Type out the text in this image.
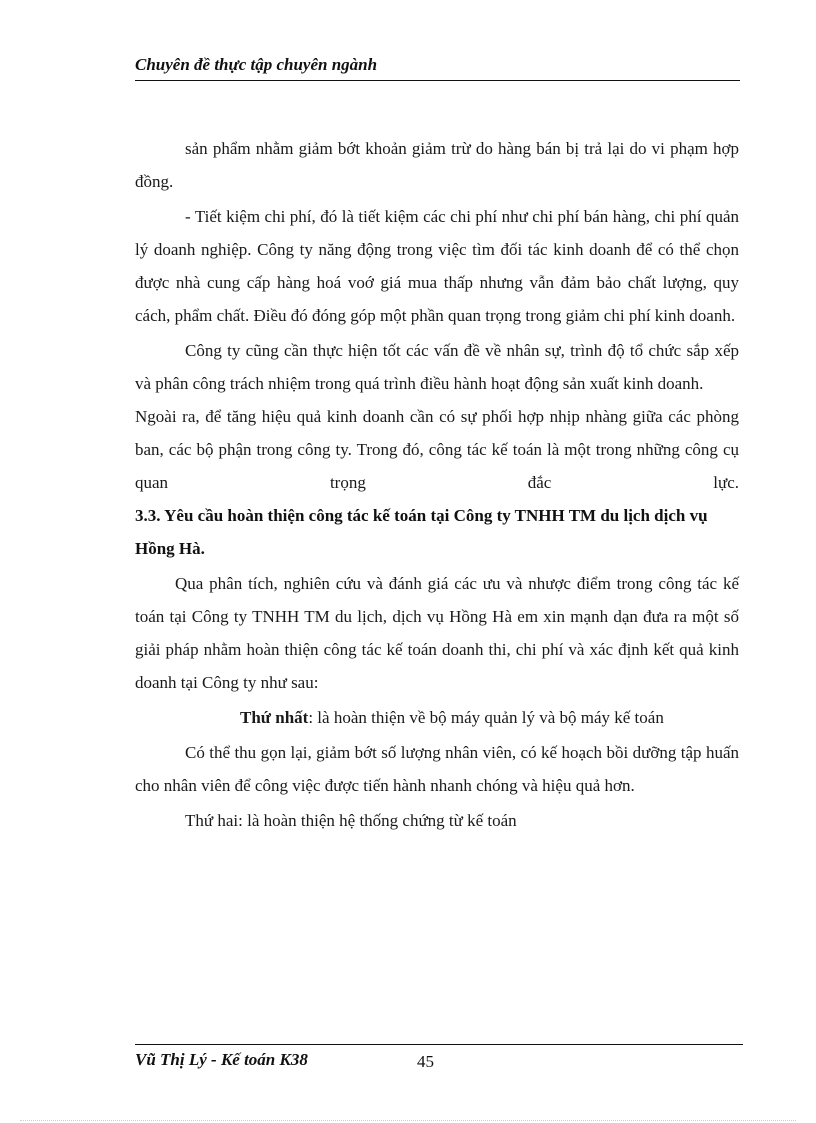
Chuyên đề thực tập chuyên ngành

sản phẩm nhằm giảm bớt khoản giảm trừ do hàng bán bị trả lại do vi phạm hợp đồng.

- Tiết kiệm chi phí, đó là tiết kiệm các chi phí như chi phí bán hàng, chi phí quản lý doanh nghiệp. Công ty năng động trong việc tìm đối tác kinh doanh để có thể chọn được nhà cung cấp hàng hoá voớ giá mua thấp nhưng vẫn đảm bảo chất lượng, quy cách, phẩm chất. Điều đó đóng góp một phần quan trọng trong giảm chi phí kinh doanh.

Công ty cũng cần thực hiện tốt các vấn đề về nhân sự, trình độ tổ chức sắp xếp và phân công trách nhiệm trong quá trình điều hành hoạt động sản xuất kinh doanh.

Ngoài ra, để tăng hiệu quả kinh doanh cần có sự phối hợp nhịp nhàng giữa các phòng ban, các bộ phận trong công ty. Trong đó, công tác kế toán là một trong những công cụ quan trọng đắc lực.

3.3. Yêu cầu hoàn thiện công tác kế toán tại Công ty TNHH TM du lịch dịch vụ Hồng Hà.

Qua phân tích, nghiên cứu và đánh giá các ưu và nhược điểm trong công tác kế toán tại Công ty TNHH TM du lịch, dịch vụ Hồng Hà em xin mạnh dạn đưa ra một số giải pháp nhằm hoàn thiện công tác kế toán doanh thi, chi phí và xác định kết quả kinh doanh tại Công ty như sau:

Thứ nhất: là hoàn thiện về bộ máy quản lý và bộ máy kế toán

Có thể thu gọn lại, giảm bớt số lượng nhân viên, có kế hoạch bồi dưỡng tập huấn cho nhân viên để công việc được tiến hành nhanh chóng và hiệu quả hơn.

Thứ hai: là hoàn thiện hệ thống chứng từ kế toán

Vũ Thị Lý - Kế toán K38	45
